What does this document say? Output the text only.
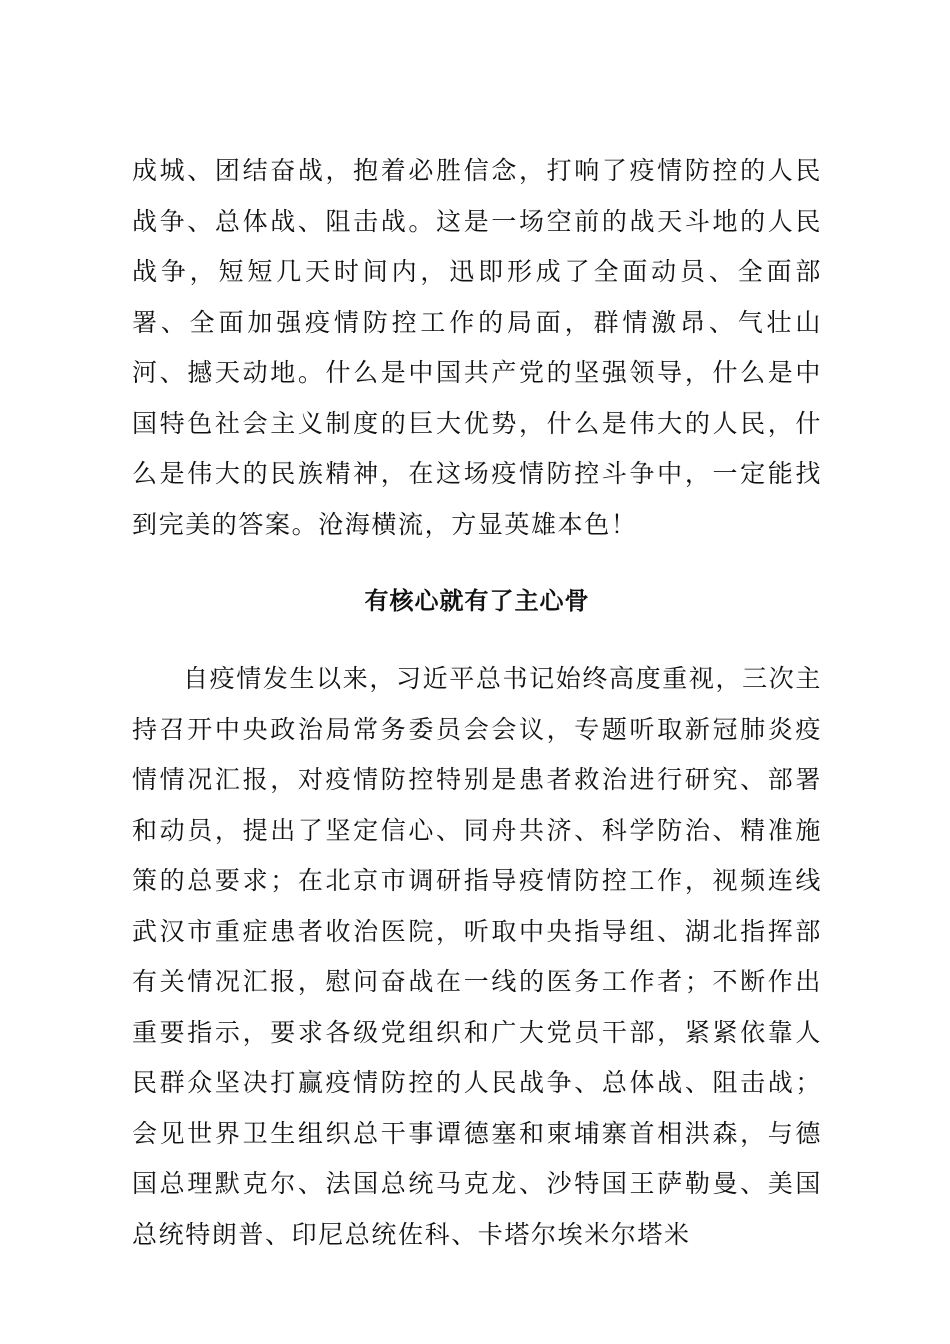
成城、团结奋战，抱着必胜信念，打响了疫情防控的人民战争、总体战、阻击战。这是一场空前的战天斗地的人民战争，短短几天时间内，迅即形成了全面动员、全面部署、全面加强疫情防控工作的局面，群情激昂、气壮山河、撼天动地。什么是中国共产党的坚强领导，什么是中国特色社会主义制度的巨大优势，什么是伟大的人民，什么是伟大的民族精神，在这场疫情防控斗争中，一定能找到完美的答案。沧海横流，方显英雄本色！

有核心就有了主心骨

自疫情发生以来，习近平总书记始终高度重视，三次主持召开中央政治局常务委员会会议，专题听取新冠肺炎疫情情况汇报，对疫情防控特别是患者救治进行研究、部署和动员，提出了坚定信心、同舟共济、科学防治、精准施策的总要求；在北京市调研指导疫情防控工作，视频连线武汉市重症患者收治医院，听取中央指导组、湖北指挥部有关情况汇报，慰问奋战在一线的医务工作者；不断作出重要指示，要求各级党组织和广大党员干部，紧紧依靠人民群众坚决打赢疫情防控的人民战争、总体战、阻击战；会见世界卫生组织总干事谭德塞和柬埔寨首相洪森，与德国总理默克尔、法国总统马克龙、沙特国王萨勒曼、美国总统特朗普、印尼总统佐科、卡塔尔埃米尔塔米
